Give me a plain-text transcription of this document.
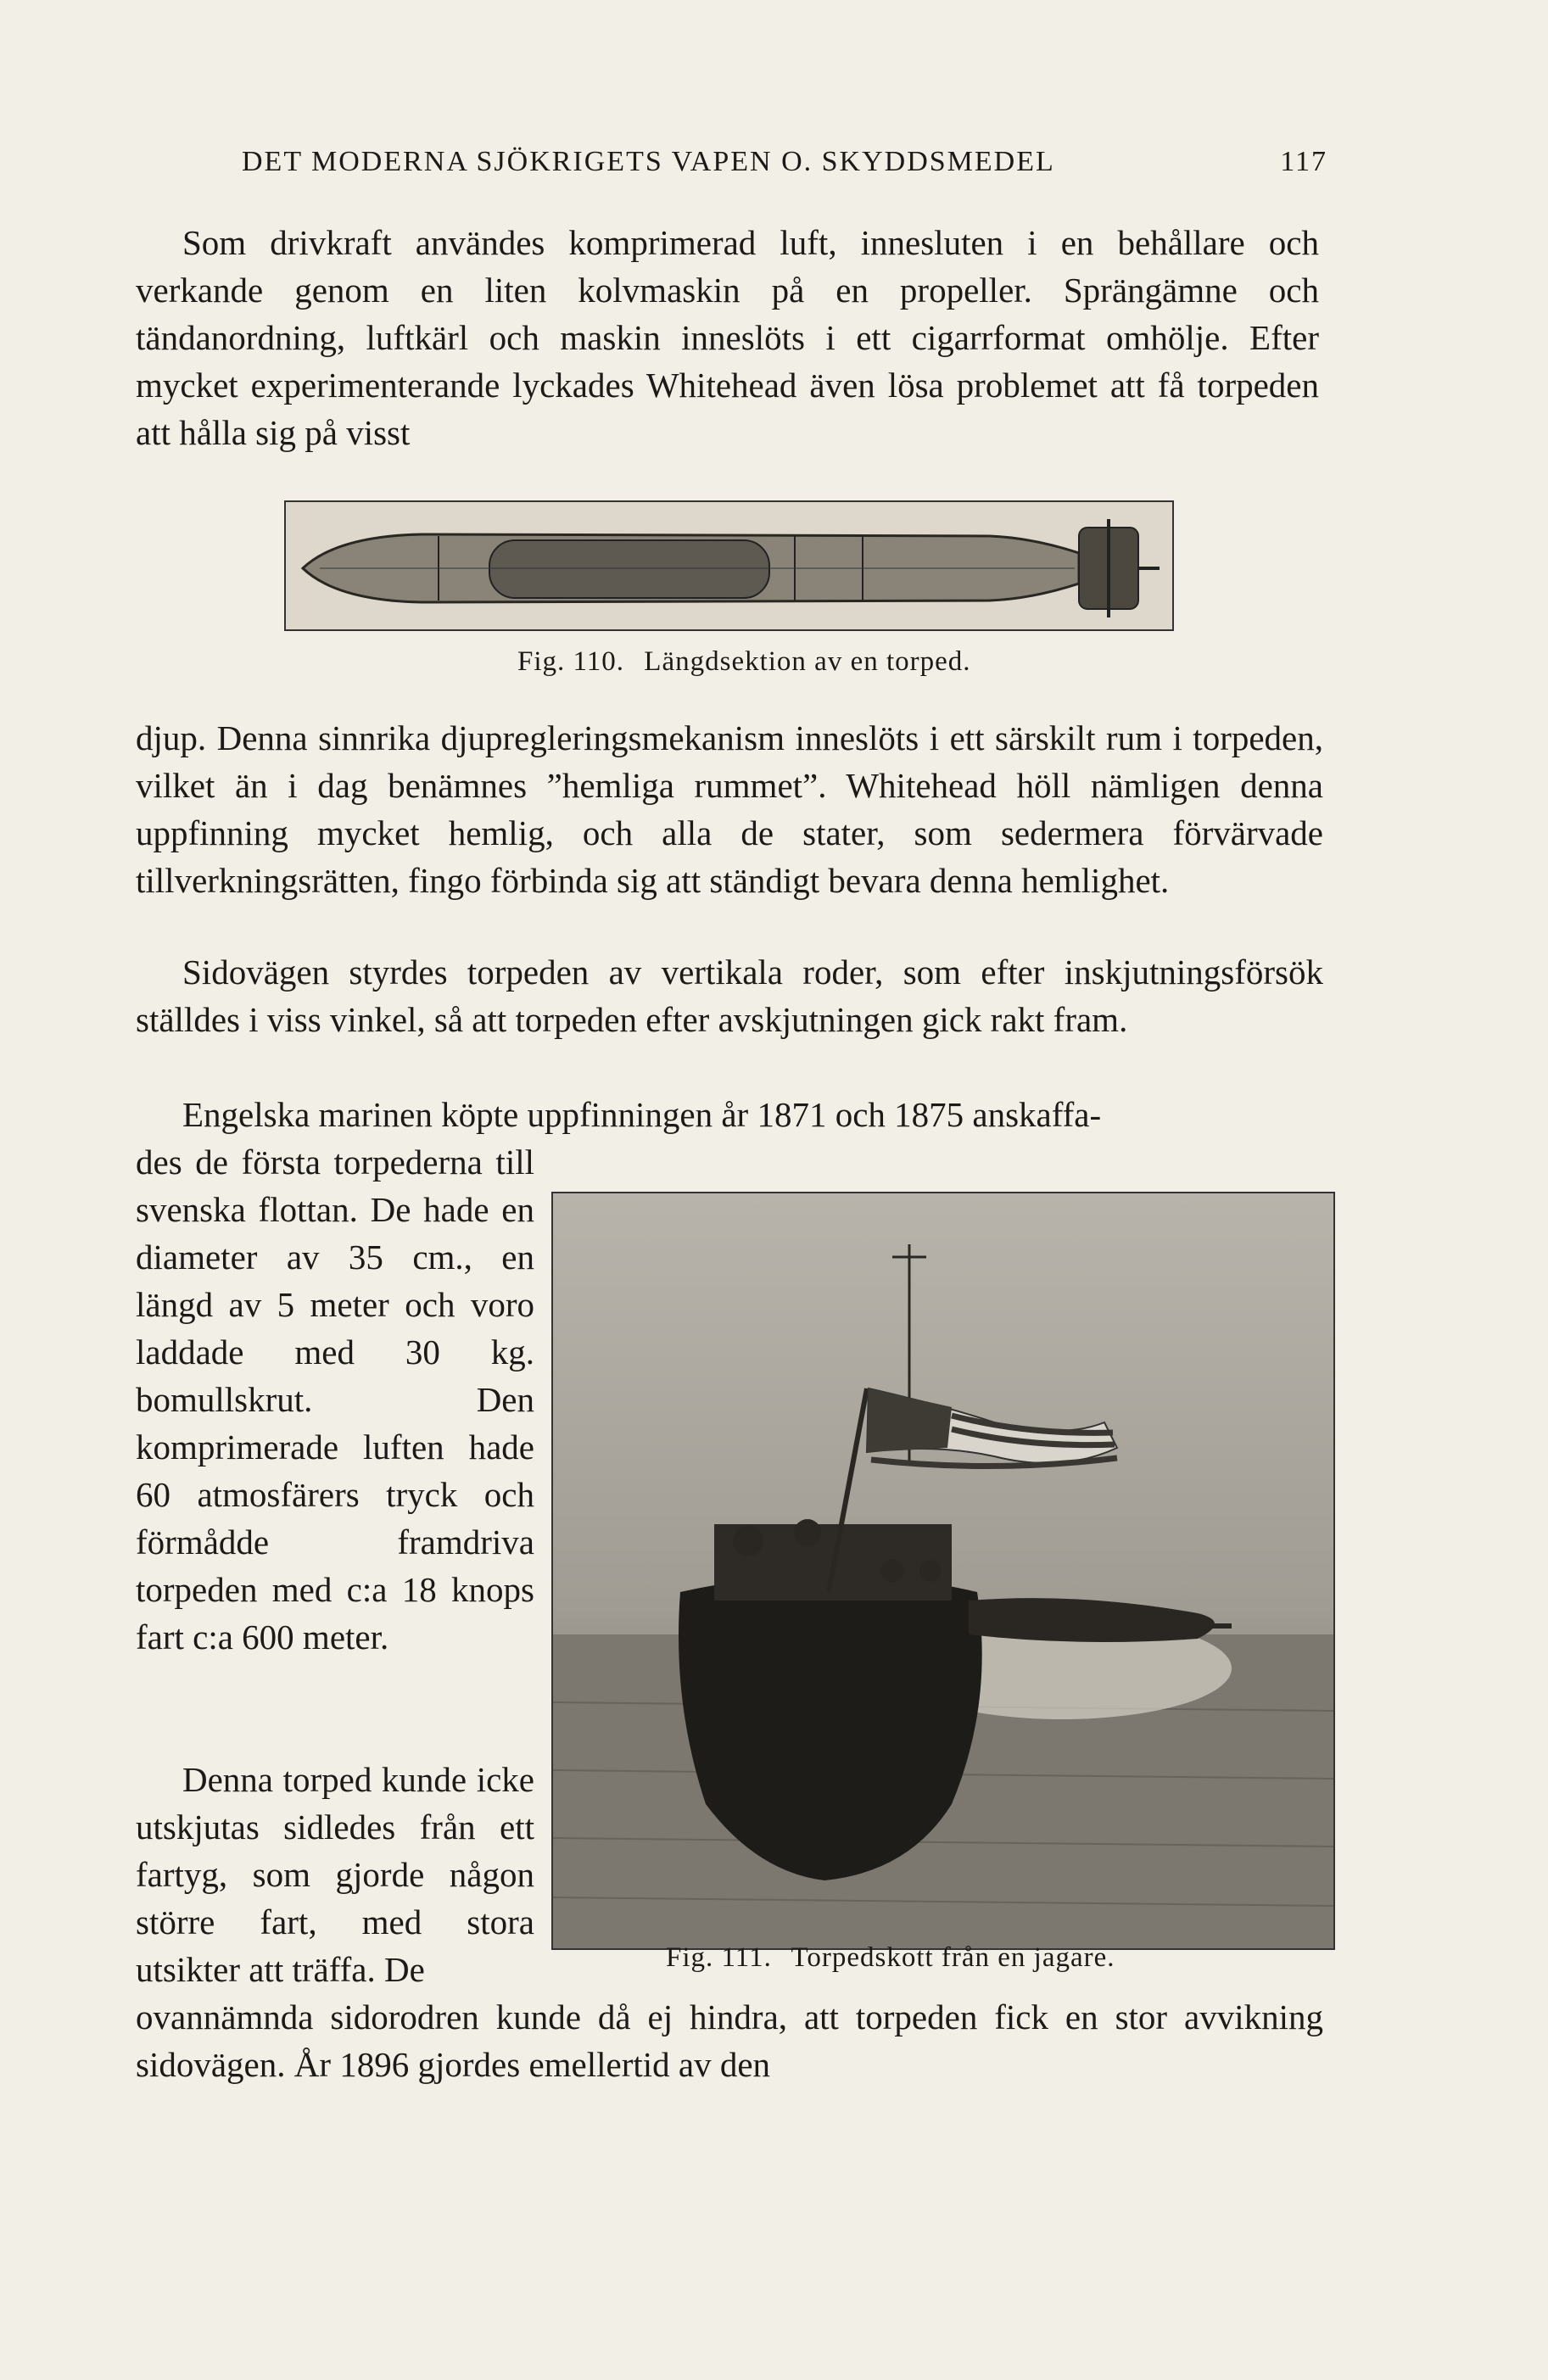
DET MODERNA SJÖKRIGETS VAPEN O. SKYDDSMEDEL	117

Som drivkraft användes komprimerad luft, innesluten i en behållare och verkande genom en liten kolvmaskin på en propeller. Sprängämne och tändanordning, luftkärl och maskin inneslöts i ett cigarrformat omhölje. Efter mycket experimenterande lyckades Whitehead även lösa problemet att få torpeden att hålla sig på visst

Fig. 110. Längdsektion av en torped.

djup. Denna sinnrika djupregleringsmekanism inneslöts i ett särskilt rum i torpeden, vilket än i dag benämnes ”hemliga rummet”. Whitehead höll nämligen denna uppfinning mycket hemlig, och alla de stater, som sedermera förvärvade tillverkningsrätten, fingo förbinda sig att ständigt bevara denna hemlighet.

Sidovägen styrdes torpeden av vertikala roder, som efter inskjutningsförsök ställdes i viss vinkel, så att torpeden efter avskjutningen gick rakt fram.

Engelska marinen köpte uppfinningen år 1871 och 1875 anskaffa-

des de första torpederna till svenska flottan. De hade en diameter av 35 cm., en längd av 5 meter och voro laddade med 30 kg. bomullskrut. Den komprimerade luften hade 60 atmosfärers tryck och förmådde framdriva torpeden med c:a 18 knops fart c:a 600 meter.

Fig. 111. Torpedskott från en jagare.

Denna torped kunde icke utskjutas sidledes från ett fartyg, som gjorde någon större fart, med stora utsikter att träffa. De

ovannämnda sidorodren kunde då ej hindra, att torpeden fick en stor avvikning sidovägen. År 1896 gjordes emellertid av den
